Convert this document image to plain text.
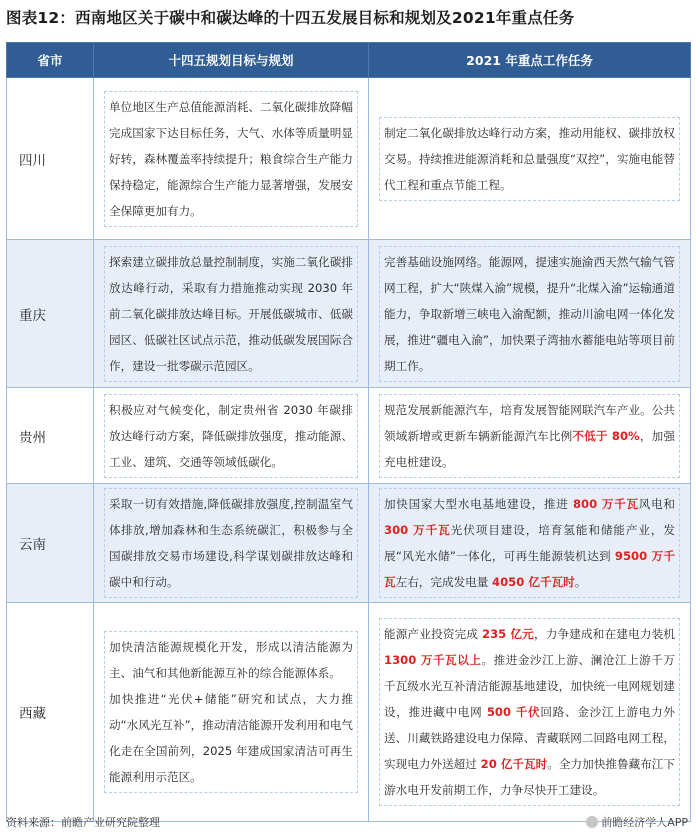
图表12：西南地区关于碳中和碳达峰的十四五发展目标和规划及2021年重点任务
省市	十四五规划目标与规划	2021 年重点工作任务
四川	单位地区生产总值能源消耗、二氧化碳排放降幅完成国家下达目标任务，大气、水体等质量明显好转，森林覆盖率持续提升；粮食综合生产能力保持稳定，能源综合生产能力显著增强，发展安全保障更加有力。	制定二氧化碳排放达峰行动方案，推动用能权、碳排放权交易。持续推进能源消耗和总量强度“双控”，实施电能替代工程和重点节能工程。

重庆	探索建立碳排放总量控制制度，实施二氧化碳排放达峰行动，采取有力措施推动实现 2030 年前二氧化碳排放达峰目标。开展低碳城市、低碳园区、低碳社区试点示范，推动低碳发展国际合作，建设一批零碳示范园区。	完善基础设施网络。能源网，提速实施渝西天然气输气管网工程，扩大“陕煤入渝”规模，提升“北煤入渝”运输通道能力，争取新增三峡电入渝配额，推动川渝电网一体化发展，推进“疆电入渝”，加快栗子湾抽水蓄能电站等项目前期工作。

贵州	积极应对气候变化，制定贵州省 2030 年碳排放达峰行动方案，降低碳排放强度，推动能源、工业、建筑、交通等领域低碳化。	规范发展新能源汽车，培育发展智能网联汽车产业。公共领域新增或更新车辆新能源汽车比例不低于 80%，加强充电桩建设。

云南	采取一切有效措施,降低碳排放强度,控制温室气体排放,增加森林和生态系统碳汇，积极参与全国碳排放交易市场建设,科学谋划碳排放达峰和碳中和行动。	加快国家大型水电基地建设，推进 800 万千瓦风电和 300 万千瓦光伏项目建设，培育氢能和储能产业，发展“风光水储”一体化，可再生能源装机达到 9500 万千瓦左右，完成发电量 4050 亿千瓦时。

西藏	加快清洁能源规模化开发，形成以清洁能源为主、油气和其他新能源互补的综合能源体系。
加快推进“光伏+储能”研究和试点，大力推动“水风光互补”，推动清洁能源开发利用和电气化走在全国前列，2025 年建成国家清洁可再生能源利用示范区。	能源产业投资完成 235 亿元，力争建成和在建电力装机 1300 万千瓦以上。推进金沙江上游、澜沧江上游千万千瓦级水光互补清洁能源基地建设，加快统一电网规划建设，推进藏中电网 500 千伏回路、金沙江上游电力外送、川藏铁路建设电力保障、青藏联网二回路电网工程，实现电力外送超过 20 亿千瓦时。全力加快推鲁藏布江下游水电开发前期工作，力争尽快开工建设。
资料来源：前瞻产业研究院整理	前瞻经济学人APP
